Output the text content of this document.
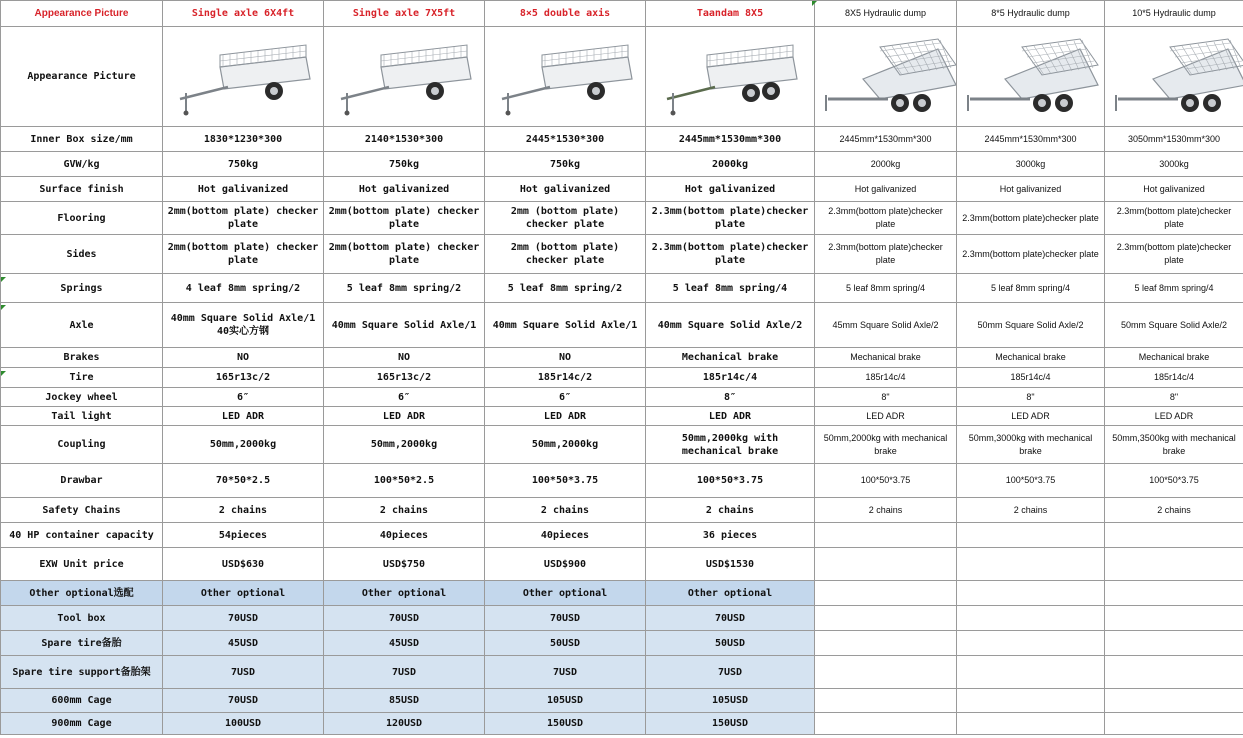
Appearance Picture	Single axle 6X4ft	Single axle 7X5ft	8×5 double axis	Taandam 8X5	8X5 Hydraulic dump	8*5 Hydraulic dump	10*5 Hydraulic dump
Appearance Picture	

Inner Box size/mm	1830*1230*300	2140*1530*300	2445*1530*300	2445mm*1530mm*300	2445mm*1530mm*300	2445mm*1530mm*300	3050mm*1530mm*300
GVW/kg	750kg	750kg	750kg	2000kg	2000kg	3000kg	3000kg
Surface finish	Hot galivanized	Hot galivanized	Hot galivanized	Hot galivanized	Hot galivanized	Hot galivanized	Hot galivanized
Flooring	2mm(bottom plate) checker plate	2mm(bottom plate) checker plate	2mm (bottom plate) checker plate	2.3mm(bottom plate)checker plate	2.3mm(bottom plate)checker plate	2.3mm(bottom plate)checker plate	2.3mm(bottom plate)checker plate
Sides	2mm(bottom plate) checker plate	2mm(bottom plate) checker plate	2mm (bottom plate) checker plate	2.3mm(bottom plate)checker plate	2.3mm(bottom plate)checker plate	2.3mm(bottom plate)checker plate	2.3mm(bottom plate)checker plate
Springs	4 leaf 8mm spring/2	5 leaf 8mm spring/2	5 leaf 8mm spring/2	5 leaf 8mm spring/4	5 leaf 8mm spring/4	5 leaf 8mm spring/4	5 leaf 8mm spring/4
Axle	40mm Square Solid Axle/1 40实心方钢	40mm Square Solid Axle/1	40mm Square Solid Axle/1	40mm Square Solid Axle/2	45mm Square Solid Axle/2	50mm Square Solid Axle/2	50mm Square Solid Axle/2
Brakes	NO	NO	NO	Mechanical brake	Mechanical brake	Mechanical brake	Mechanical brake
Tire	165r13c/2	165r13c/2	185r14c/2	185r14c/4	185r14c/4	185r14c/4	185r14c/4
Jockey wheel	6″	6″	6″	8″	8"	8"	8"
Tail light	LED ADR	LED ADR	LED ADR	LED ADR	LED ADR	LED ADR	LED ADR
Coupling	50mm,2000kg	50mm,2000kg	50mm,2000kg	50mm,2000kg with mechanical brake	50mm,2000kg with mechanical brake	50mm,3000kg with mechanical brake	50mm,3500kg with mechanical brake
Drawbar	70*50*2.5	100*50*2.5	100*50*3.75	100*50*3.75	100*50*3.75	100*50*3.75	100*50*3.75
Safety Chains	2 chains	2 chains	2 chains	2 chains	2 chains	2 chains	2 chains
40 HP container capacity	54pieces	40pieces	40pieces	36 pieces			
EXW Unit price	USD$630	USD$750	USD$900	USD$1530			
Other optional选配	Other optional	Other optional	Other optional	Other optional			
Tool box	70USD	70USD	70USD	70USD			
Spare tire备胎	45USD	45USD	50USD	50USD			
Spare tire support备胎架	7USD	7USD	7USD	7USD			
600mm Cage	70USD	85USD	105USD	105USD			
900mm Cage	100USD	120USD	150USD	150USD			
